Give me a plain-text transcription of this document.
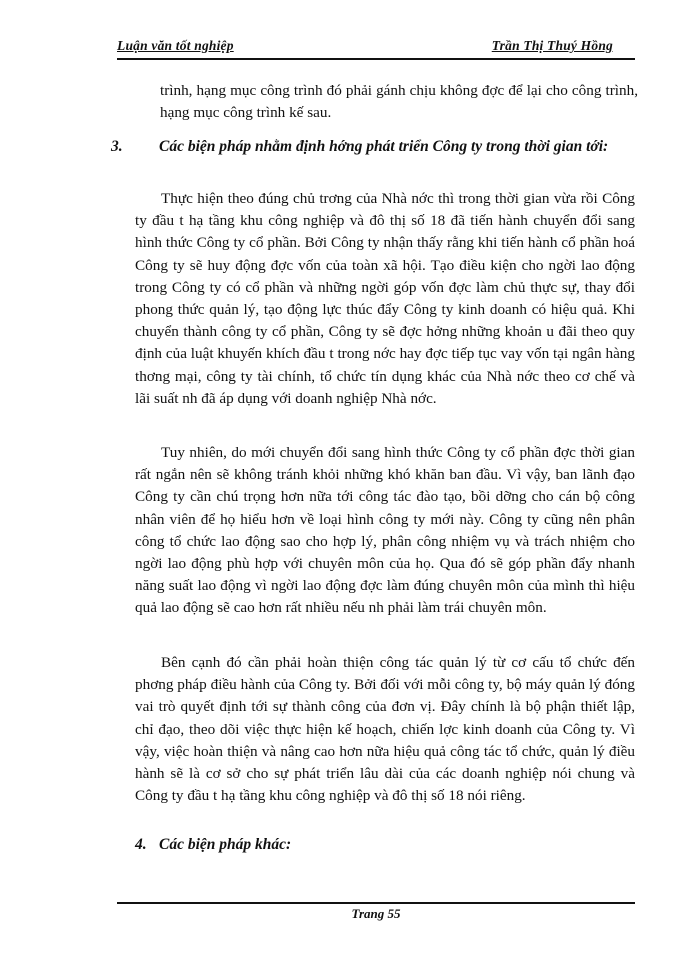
Luận văn tốt nghiệp	Trần Thị Thuý Hồng

trình, hạng mục công trình đó phải gánh chịu không đợc để lại cho công trình, hạng mục công trình kế sau.

3. Các biện pháp nhằm định hớng phát triển Công ty trong thời gian tới:

Thực hiện theo đúng chủ trơng của Nhà nớc thì trong thời gian vừa rồi Công ty đầu t hạ tầng khu công nghiệp và đô thị số 18 đã tiến hành chuyển đổi sang hình thức Công ty cổ phần. Bởi Công ty nhận thấy rằng khi tiến hành cổ phần hoá Công ty sẽ huy động đợc vốn của toàn xã hội. Tạo điều kiện cho ngời lao động trong Công ty có cổ phần và những ngời góp vốn đợc làm chủ thực sự, thay đổi phong thức quản lý, tạo động lực thúc đẩy Công ty kinh doanh có hiệu quả. Khi chuyển thành công ty cổ phần, Công ty sẽ đợc hởng những khoản u đãi theo quy định của luật khuyến khích đầu t trong nớc hay đợc tiếp tục vay vốn tại ngân hàng thơng mại, công ty tài chính, tổ chức tín dụng khác của Nhà nớc theo cơ chế và lãi suất nh đã áp dụng với doanh nghiệp Nhà nớc.

Tuy nhiên, do mới chuyển đổi sang hình thức Công ty cổ phần đợc thời gian rất ngắn nên sẽ không tránh khỏi những khó khăn ban đầu. Vì vậy, ban lãnh đạo Công ty cần chú trọng hơn nữa tới công tác đào tạo, bồi dỡng cho cán bộ công nhân viên để họ hiểu hơn về loại hình công ty mới này. Công ty cũng nên phân công tổ chức lao động sao cho hợp lý, phân công nhiệm vụ và trách nhiệm cho ngời lao động phù hợp với chuyên môn của họ. Qua đó sẽ góp phần đẩy nhanh năng suất lao động vì ngời lao động đợc làm đúng chuyên môn của mình thì hiệu quả lao động sẽ cao hơn rất nhiều nếu nh phải làm trái chuyên môn.

Bên cạnh đó cần phải hoàn thiện công tác quản lý từ cơ cấu tổ chức đến phơng pháp điều hành của Công ty. Bởi đối với mỗi công ty, bộ máy quản lý đóng vai trò quyết định tới sự thành công của đơn vị. Đây chính là bộ phận thiết lập, chỉ đạo, theo dõi việc thực hiện kế hoạch, chiến lợc kinh doanh của Công ty. Vì vậy, việc hoàn thiện và nâng cao hơn nữa hiệu quả công tác tổ chức, quản lý điều hành sẽ là cơ sở cho sự phát triển lâu dài của các doanh nghiệp nói chung và Công ty đầu t hạ tầng khu công nghiệp và đô thị số 18 nói riêng.

4. Các biện pháp khác:
Trang 55
